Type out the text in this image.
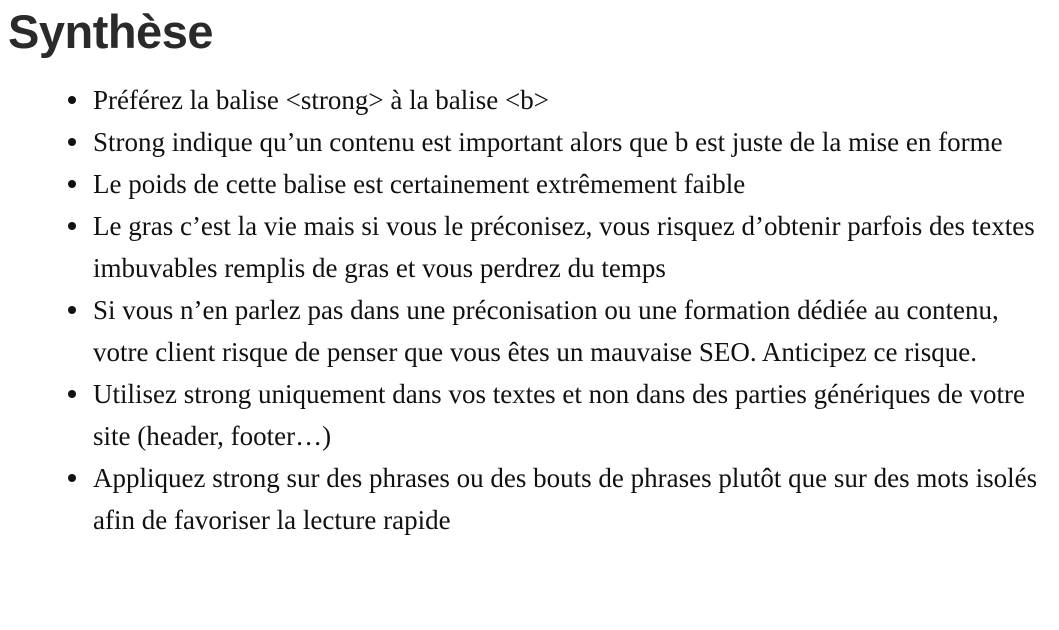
Synthèse
Préférez la balise <strong> à la balise <b>
Strong indique qu’un contenu est important alors que b est juste de la mise en forme
Le poids de cette balise est certainement extrêmement faible
Le gras c’est la vie mais si vous le préconisez, vous risquez d’obtenir parfois des textes imbuvables remplis de gras et vous perdrez du temps
Si vous n’en parlez pas dans une préconisation ou une formation dédiée au contenu, votre client risque de penser que vous êtes un mauvaise SEO. Anticipez ce risque.
Utilisez strong uniquement dans vos textes et non dans des parties génériques de votre site (header, footer…)
Appliquez strong sur des phrases ou des bouts de phrases plutôt que sur des mots isolés afin de favoriser la lecture rapide
